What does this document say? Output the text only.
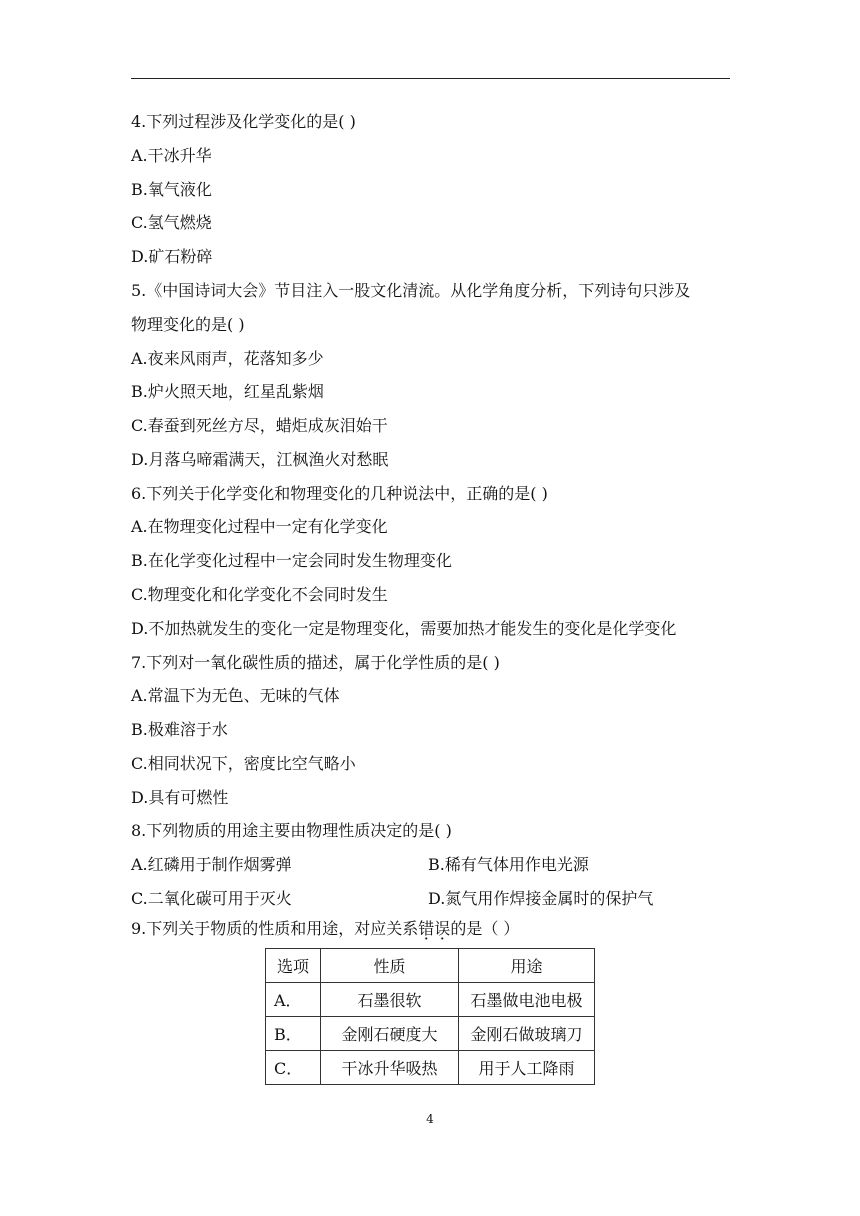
4.下列过程涉及化学变化的是( )
A.干冰升华
B.氧气液化
C.氢气燃烧
D.矿石粉碎
5.《中国诗词大会》节目注入一股文化清流。从化学角度分析，下列诗句只涉及
物理变化的是( )
A.夜来风雨声，花落知多少
B.炉火照天地，红星乱紫烟
C.春蚕到死丝方尽，蜡炬成灰泪始干
D.月落乌啼霜满天，江枫渔火对愁眠
6.下列关于化学变化和物理变化的几种说法中，正确的是( )
A.在物理变化过程中一定有化学变化
B.在化学变化过程中一定会同时发生物理变化
C.物理变化和化学变化不会同时发生
D.不加热就发生的变化一定是物理变化，需要加热才能发生的变化是化学变化
7.下列对一氧化碳性质的描述，属于化学性质的是( )
A.常温下为无色、无味的气体
B.极难溶于水
C.相同状况下，密度比空气略小
D.具有可燃性
8.下列物质的用途主要由物理性质决定的是( )
A.红磷用于制作烟雾弹	B.稀有气体用作电光源
C.二氧化碳可用于灭火	D.氮气用作焊接金属时的保护气
9.下列关于物质的性质和用途，对应关系错误的是（ ）
选项	性质	用途
A．	石墨很软	石墨做电池电极
B．	金刚石硬度大	金刚石做玻璃刀
C．	干冰升华吸热	用于人工降雨
4
